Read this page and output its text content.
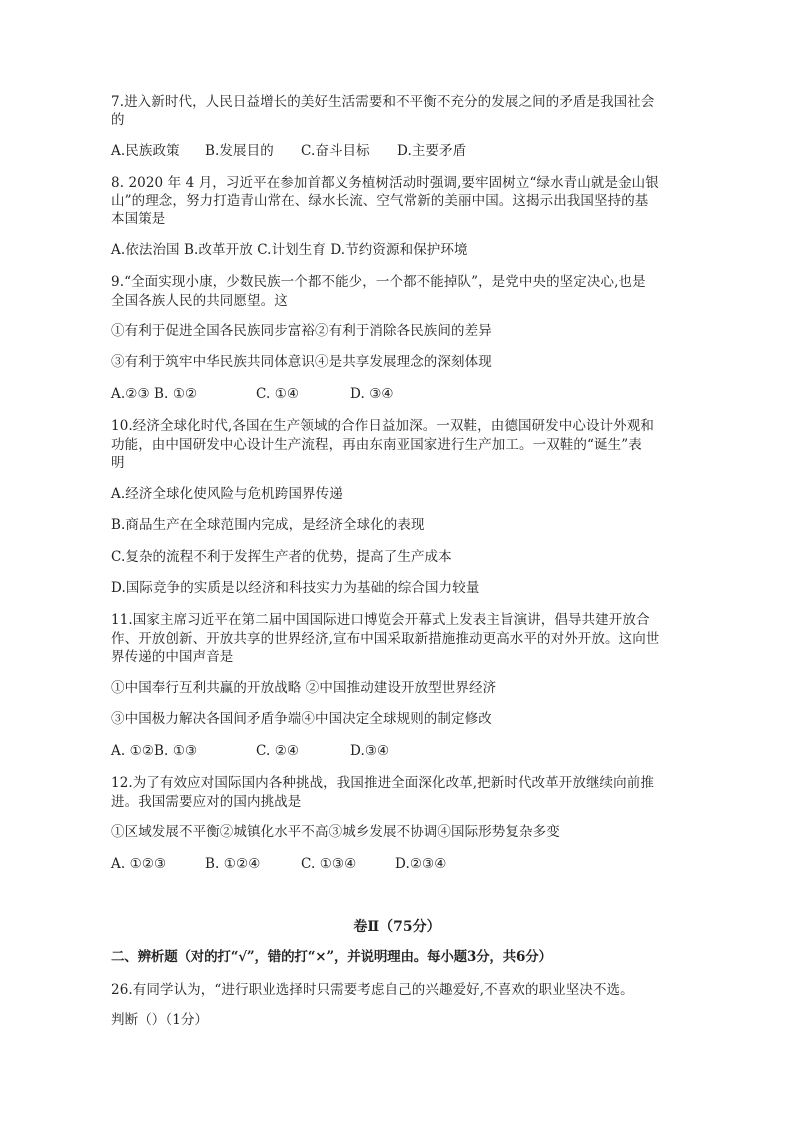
7.进入新时代，人民日益增长的美好生活需要和不平衡不充分的发展之间的矛盾是我国社会
的
A.民族政策 B.发展目的 C.奋斗目标 D.主要矛盾
8. 2020 年 4 月，习近平在参加首都义务植树活动时强调,要牢固树立“绿水青山就是金山银
山”的理念，努力打造青山常在、绿水长流、空气常新的美丽中国。这揭示出我国坚持的基
本国策是
A.依法治国 B.改革开放 C.计划生育 D.节约资源和保护环境
9.“全面实现小康，少数民族一个都不能少，一个都不能掉队”，是党中央的坚定决心,也是
全国各族人民的共同愿望。这
①有利于促进全国各民族同步富裕②有利于消除各民族间的差异
③有利于筑牢中华民族共同体意识④是共享发展理念的深刻体现
A.②③ B. ①②	C. ①④	D. ③④
10.经济全球化时代,各国在生产领域的合作日益加深。一双鞋，由德国研发中心设计外观和
功能，由中国研发中心设计生产流程，再由东南亚国家进行生产加工。一双鞋的“诞生”表
明
A.经济全球化使风险与危机跨国界传递
B.商品生产在全球范围内完成，是经济全球化的表现
C.复杂的流程不利于发挥生产者的优势，提高了生产成本
D.国际竞争的实质是以经济和科技实力为基础的综合国力较量
11.国家主席习近平在第二届中国国际进口博览会开幕式上发表主旨演讲，倡导共建开放合
作、开放创新、开放共享的世界经济,宣布中国采取新措施推动更高水平的对外开放。这向世
界传递的中国声音是
①中国奉行互利共赢的开放战略 ②中国推动建设开放型世界经济
③中国极力解决各国间矛盾争端④中国决定全球规则的制定修改
A. ①②B. ①③	C. ②④	D.③④
12.为了有效应对国际国内各种挑战，我国推进全面深化改革,把新时代改革开放继续向前推
进。我国需要应对的国内挑战是
①区域发展不平衡②城镇化水平不高③城乡发展不协调④国际形势复杂多变
A. ①②③	B. ①②④	C. ①③④	D.②③④
卷Ⅱ（75分）
二、辨析题（对的打“√”，错的打“×”，并说明理由。每小题3分，共6分）
26.有同学认为，“进行职业选择时只需要考虑自己的兴趣爱好,不喜欢的职业坚决不选。
判断（）（1分）
